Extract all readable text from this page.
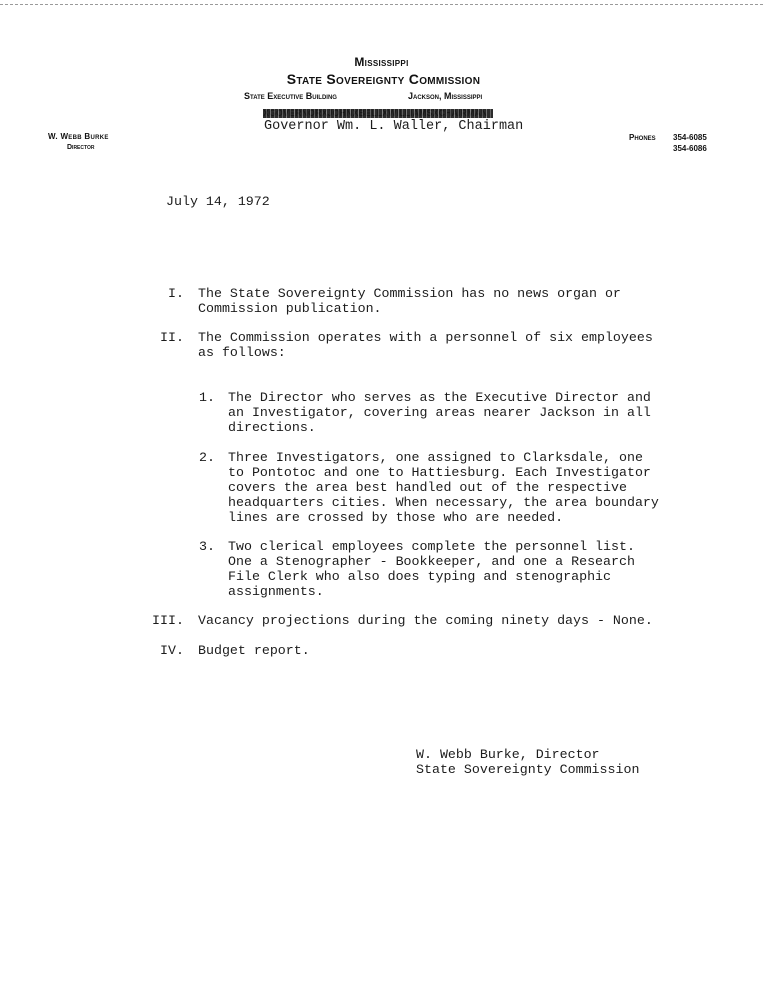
Mississippi
State Sovereignty Commission
State Executive Building	Jackson, Mississippi
Governor Wm. L. Waller, Chairman
W. Webb Burke
Director
Phones 354-6085
354-6086
July 14, 1972
I. The State Sovereignty Commission has no news organ or
Commission publication.
II. The Commission operates with a personnel of six employees
as follows:
1. The Director who serves as the Executive Director and
an Investigator, covering areas nearer Jackson in all
directions.
2. Three Investigators, one assigned to Clarksdale, one
to Pontotoc and one to Hattiesburg. Each Investigator
covers the area best handled out of the respective
headquarters cities. When necessary, the area boundary
lines are crossed by those who are needed.
3. Two clerical employees complete the personnel list.
One a Stenographer - Bookkeeper, and one a Research
File Clerk who also does typing and stenographic
assignments.
III. Vacancy projections during the coming ninety days - None.
IV. Budget report.
W. Webb Burke, Director
State Sovereignty Commission
